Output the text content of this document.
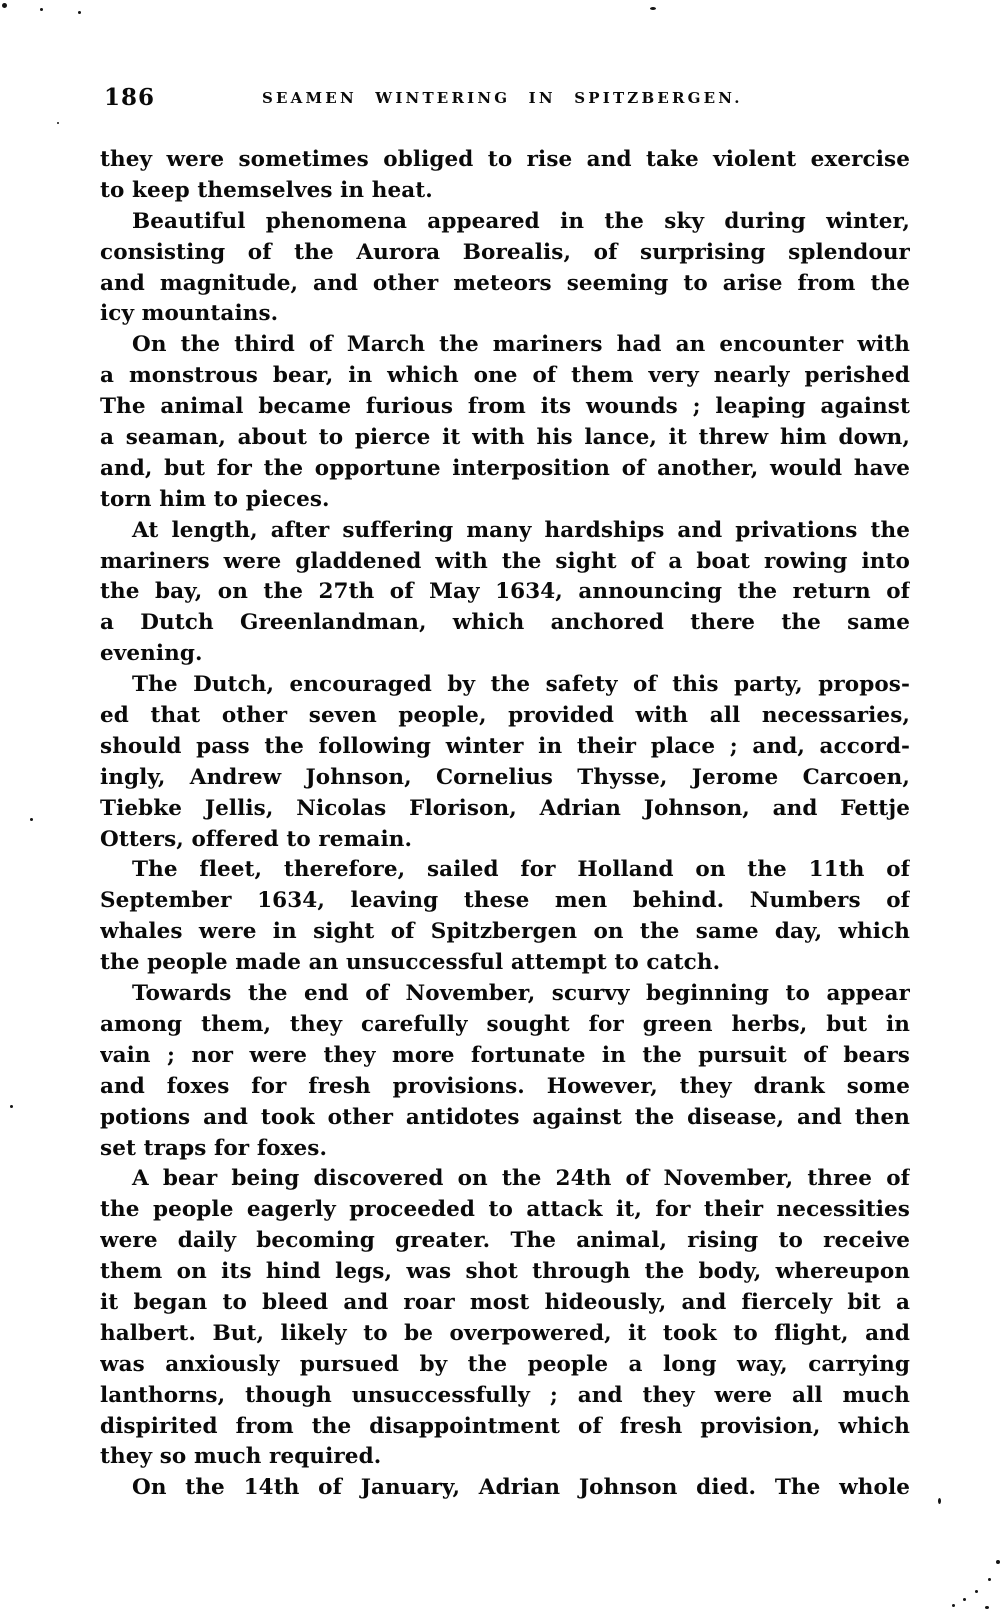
186	SEAMEN WINTERING IN SPITZBERGEN.
they were sometimes obliged to rise and take violent exercise
to keep themselves in heat.
Beautiful phenomena appeared in the sky during winter,
consisting of the Aurora Borealis, of surprising splendour
and magnitude, and other meteors seeming to arise from the
icy mountains.
On the third of March the mariners had an encounter with
a monstrous bear, in which one of them very nearly perished
The animal became furious from its wounds ; leaping against
a seaman, about to pierce it with his lance, it threw him down,
and, but for the opportune interposition of another, would have
torn him to pieces.
At length, after suffering many hardships and privations the
mariners were gladdened with the sight of a boat rowing into
the bay, on the 27th of May 1634, announcing the return of
a Dutch Greenlandman, which anchored there the same
evening.
The Dutch, encouraged by the safety of this party, propos-
ed that other seven people, provided with all necessaries,
should pass the following winter in their place ; and, accord-
ingly, Andrew Johnson, Cornelius Thysse, Jerome Carcoen,
Tiebke Jellis, Nicolas Florison, Adrian Johnson, and Fettje
Otters, offered to remain.
The fleet, therefore, sailed for Holland on the 11th of
September 1634, leaving these men behind. Numbers of
whales were in sight of Spitzbergen on the same day, which
the people made an unsuccessful attempt to catch.
Towards the end of November, scurvy beginning to appear
among them, they carefully sought for green herbs, but in
vain ; nor were they more fortunate in the pursuit of bears
and foxes for fresh provisions. However, they drank some
potions and took other antidotes against the disease, and then
set traps for foxes.
A bear being discovered on the 24th of November, three of
the people eagerly proceeded to attack it, for their necessities
were daily becoming greater. The animal, rising to receive
them on its hind legs, was shot through the body, whereupon
it began to bleed and roar most hideously, and fiercely bit a
halbert. But, likely to be overpowered, it took to flight, and
was anxiously pursued by the people a long way, carrying
lanthorns, though unsuccessfully ; and they were all much
dispirited from the disappointment of fresh provision, which
they so much required.
On the 14th of January, Adrian Johnson died. The whole
